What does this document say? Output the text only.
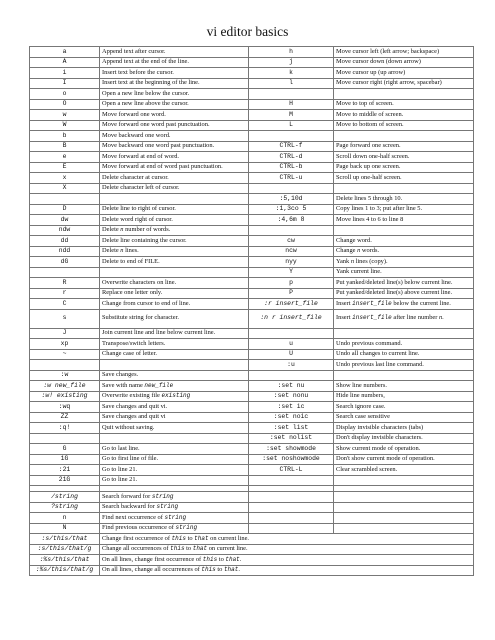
vi editor basics
a	Append text after cursor.	h	Move cursor left (left arrow; backspace)
A	Append text at the end of the line.	j	Move cursor down (down arrow)
i	Insert text before the cursor.	k	Move cursor up (up arrow)
I	Insert text at the beginning of the line.	l	Move cursor right (right arrow, spacebar)
o	Open a new line below the cursor.		
O	Open a new line above the cursor.	H	Move to top of screen.
w	Move forward one word.	M	Move to middle of screen.
W	Move forward one word past punctuation.	L	Move to bottom of screen.
b	Move backward one word.		
B	Move backward one word past punctuation.	CTRL-f	Page forward one screen.
e	Move forward at end of word.	CTRL-d	Scroll down one-half screen.
E	Move forward at end of word past punctuation.	CTRL-b	Page back up one screen.
x	Delete character at cursor.	CTRL-u	Scroll up one-half screen.
X	Delete character left of cursor.		
		:5,10d	Delete lines 5 through 10.
D	Delete line to right of cursor.	:1,3co 5	Copy lines 1 to 3; put after line 5.
dw	Delete word right of cursor.	:4,6m 8	Move lines 4 to 6 to line 8
ndw	Delete n number of words.		
dd	Delete line containing the cursor.	cw	Change word.
ndd	Delete n lines.	ncw	Change n words.
dG	Delete to end of FILE.	nyy	Yank n lines (copy).
		Y	Yank current line.
R	Overwrite characters on line.	p	Put yanked/deleted line(s) below current line.
r	Replace one letter only.	P	Put yanked/deleted line(s) above current line.
C	Change from cursor to end of line.	:r insert_file	Insert insert_file below the current line.
s	Substitute string for character.	:n r insert_file	Insert insert_file after line number n.
J	Join current line and line below current line.		
xp	Transpose/switch letters.	u	Undo previous command.
~	Change case of letter.	U	Undo all changes to current line.
		:u	Undo previous last line command.
:w	Save changes.		
:w new_file	Save with name new_file	:set nu	Show line numbers.
:w! existing	Overwrite existing file existing	:set nonu	Hide line numbers,
:wq	Save changes and quit vi.	:set ic	Search ignore case.
ZZ	Save changes and quit vi	:set noic	Search case sensitive
:q!	Quit without saving.	:set list	Display invisible characters (tabs)
		:set nolist	Don't display invisible characters.
G	Go to last line.	:set showmode	Show current mode of operation.
1G	Go to first line of file.	:set noshowmode	Don't show current mode of operation.
:21	Go to line 21.	CTRL-L	Clear scrambled screen.
21G	Go to line 21.		

/string	Search forward for string		
?string	Search backward for string		
n	Find next occurrence of string		
N	Find previous occurrence of string		
:s/this/that	Change first occurrence of this to that on current line.		
:s/this/that/g	Change all occurrences of this to that on current line.		
:%s/this/that	On all lines, change first occurrence of this to that.		
:%s/this/that/g	On all lines, change all occurrences of this to that.		
